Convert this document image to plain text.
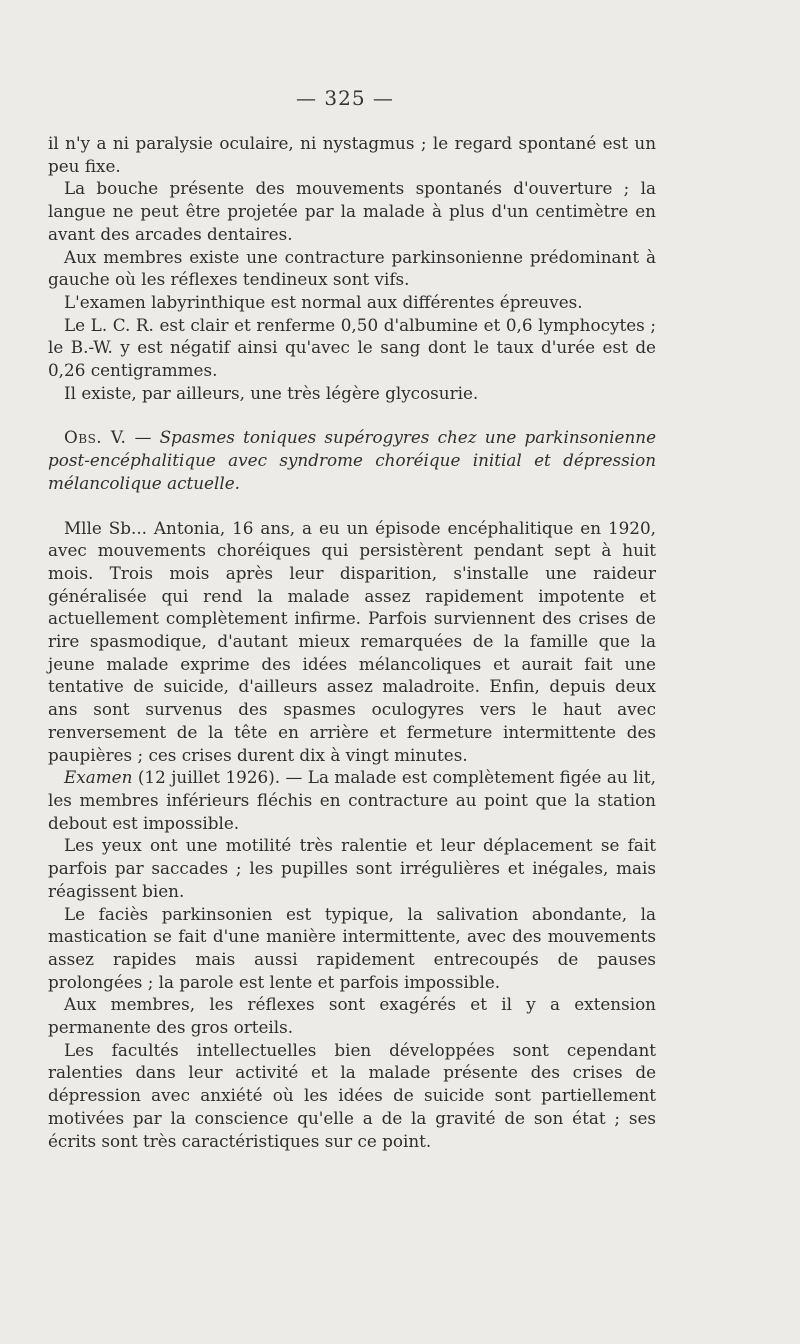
— 325 —

il n'y a ni paralysie oculaire, ni nystagmus ; le regard spontané est un peu fixe.

La bouche présente des mouvements spontanés d'ouverture ; la langue ne peut être projetée par la malade à plus d'un centimètre en avant des arcades dentaires.

Aux membres existe une contracture parkinsonienne prédominant à gauche où les réflexes tendineux sont vifs.

L'examen labyrinthique est normal aux différentes épreuves.

Le L. C. R. est clair et renferme 0,50 d'albumine et 0,6 lymphocytes ; le B.-W. y est négatif ainsi qu'avec le sang dont le taux d'urée est de 0,26 centigrammes.

Il existe, par ailleurs, une très légère glycosurie.

Obs. V. — Spasmes toniques supérogyres chez une parkinsonienne post-encéphalitique avec syndrome choréique initial et dépression mélancolique actuelle.

Mlle Sb... Antonia, 16 ans, a eu un épisode encéphalitique en 1920, avec mouvements choréiques qui persistèrent pendant sept à huit mois. Trois mois après leur disparition, s'installe une raideur généralisée qui rend la malade assez rapidement impotente et actuellement complètement infirme. Parfois surviennent des crises de rire spasmodique, d'autant mieux remarquées de la famille que la jeune malade exprime des idées mélancoliques et aurait fait une tentative de suicide, d'ailleurs assez maladroite. Enfin, depuis deux ans sont survenus des spasmes oculogyres vers le haut avec renversement de la tête en arrière et fermeture intermittente des paupières ; ces crises durent dix à vingt minutes.

Examen (12 juillet 1926). — La malade est complètement figée au lit, les membres inférieurs fléchis en contracture au point que la station debout est impossible.

Les yeux ont une motilité très ralentie et leur déplacement se fait parfois par saccades ; les pupilles sont irrégulières et inégales, mais réagissent bien.

Le faciès parkinsonien est typique, la salivation abondante, la mastication se fait d'une manière intermittente, avec des mouvements assez rapides mais aussi rapidement entrecoupés de pauses prolongées ; la parole est lente et parfois impossible.

Aux membres, les réflexes sont exagérés et il y a extension permanente des gros orteils.

Les facultés intellectuelles bien développées sont cependant ralenties dans leur activité et la malade présente des crises de dépression avec anxiété où les idées de suicide sont partiellement motivées par la conscience qu'elle a de la gravité de son état ; ses écrits sont très caractéristiques sur ce point.
